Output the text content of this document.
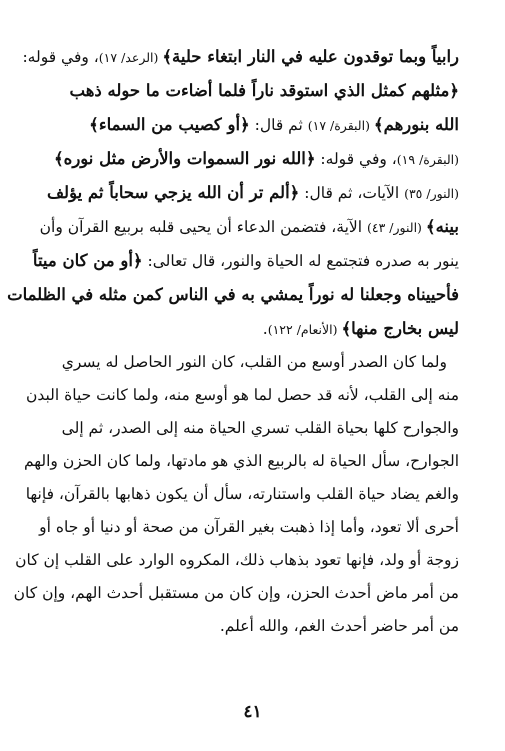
رابياً وبما توقدون عليه في النار ابتغاء حلية﴾ (الرعد/ ١٧)، وفي قوله:
﴿مثلهم كمثل الذي استوقد ناراً فلما أضاءت ما حوله ذهب
الله بنورهم﴾ (البقرة/ ١٧) ثم قال: ﴿أو كصيب من السماء﴾
(البقرة/ ١٩)، وفي قوله: ﴿الله نور السموات والأرض مثل نوره﴾
(النور/ ٣٥) الآيات، ثم قال: ﴿ألم تر أن الله يزجي سحاباً ثم يؤلف
بينه﴾ (النور/ ٤٣) الآية، فتضمن الدعاء أن يحيى قلبه بربيع القرآن وأن
ينور به صدره فتجتمع له الحياة والنور، قال تعالى: ﴿أو من كان ميتاً
فأحييناه وجعلنا له نوراً يمشي به في الناس كمن مثله في الظلمات
ليس بخارج منها﴾ (الأنعام/ ١٢٢).

ولما كان الصدر أوسع من القلب، كان النور الحاصل له يسري
منه إلى القلب، لأنه قد حصل لما هو أوسع منه، ولما كانت حياة البدن
والجوارح كلها بحياة القلب تسري الحياة منه إلى الصدر، ثم إلى
الجوارح، سأل الحياة له بالربيع الذي هو مادتها، ولما كان الحزن والهم
والغم يضاد حياة القلب واستنارته، سأل أن يكون ذهابها بالقرآن، فإنها
أحرى ألا تعود، وأما إذا ذهبت بغير القرآن من صحة أو دنيا أو جاه أو
زوجة أو ولد، فإنها تعود بذهاب ذلك، المكروه الوارد على القلب إن كان
من أمر ماض أحدث الحزن، وإن كان من مستقبل أحدث الهم، وإن كان
من أمر حاضر أحدث الغم، والله أعلم.

٤١
